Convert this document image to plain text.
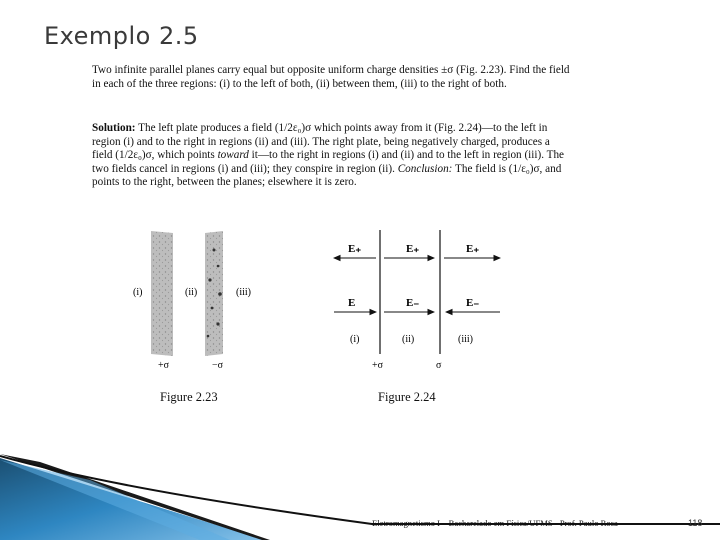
Exemplo 2.5

Two infinite parallel planes carry equal but opposite uniform charge densities ±σ (Fig. 2.23). Find the field in each of the three regions: (i) to the left of both, (ii) between them, (iii) to the right of both.

Solution: The left plate produces a field (1/2ε₀)σ which points away from it (Fig. 2.24)—to the left in region (i) and to the right in regions (ii) and (iii). The right plate, being negatively charged, produces a field (1/2ε₀)σ, which points toward it—to the right in regions (i) and (ii) and to the left in region (iii). The two fields cancel in regions (i) and (iii); they conspire in region (ii). Conclusion: The field is (1/ε₀)σ, and points to the right, between the planes; elsewhere it is zero.

(i)	(ii)	(iii)
+σ	−σ
Figure 2.23
E₊	E₊	E₊
E	E₋	E₋
(i)	(ii)	(iii)
+σ	σ
Figure 2.24
Eletromagnetismo I – Bacharelado em Física/UFMS - Prof. Paulo Rosa	118
